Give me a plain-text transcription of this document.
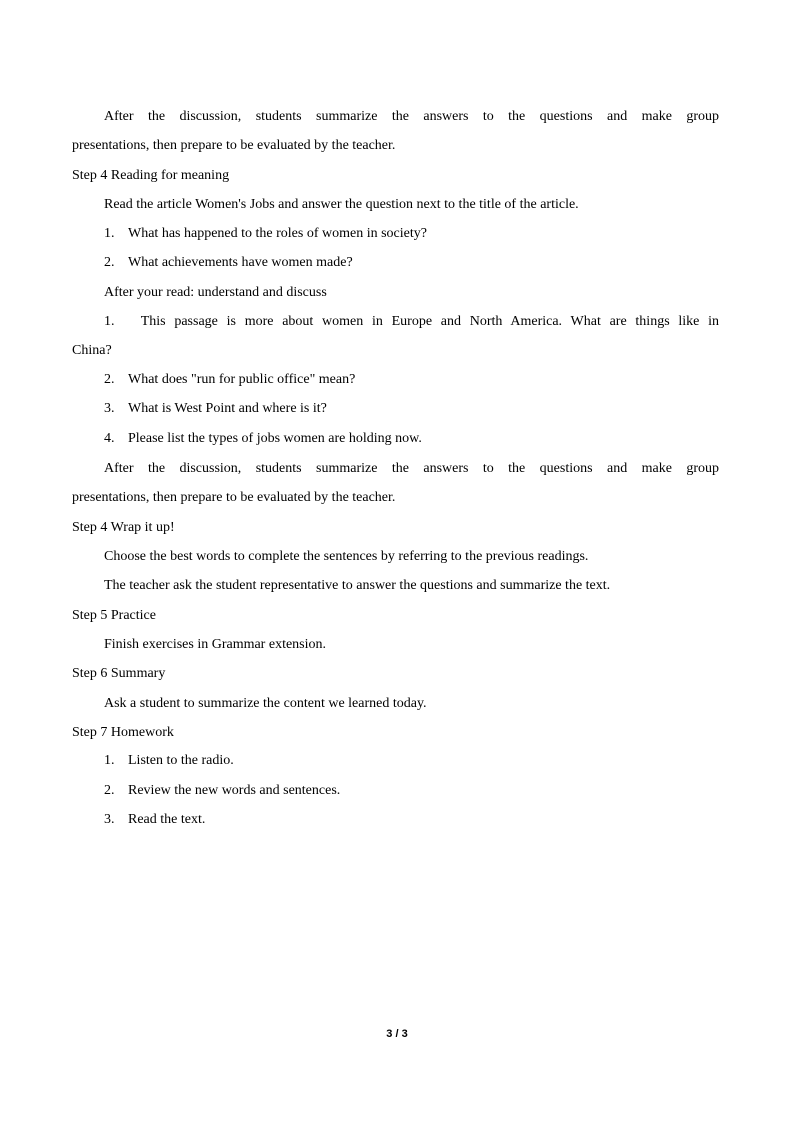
After the discussion, students summarize the answers to the questions and make group
presentations, then prepare to be evaluated by the teacher.
Step 4 Reading for meaning
Read the article Women's Jobs and answer the question next to the title of the article.
1. What has happened to the roles of women in society?
2. What achievements have women made?
After your read: understand and discuss
1. This passage is more about women in Europe and North America. What are things like in
China?
2. What does "run for public office" mean?
3. What is West Point and where is it?
4. Please list the types of jobs women are holding now.
After the discussion, students summarize the answers to the questions and make group
presentations, then prepare to be evaluated by the teacher.
Step 4 Wrap it up!
Choose the best words to complete the sentences by referring to the previous readings.
The teacher ask the student representative to answer the questions and summarize the text.
Step 5 Practice
Finish exercises in Grammar extension.
Step 6 Summary
Ask a student to summarize the content we learned today.
Step 7 Homework
1. Listen to the radio.
2. Review the new words and sentences.
3. Read the text.
3 / 3
